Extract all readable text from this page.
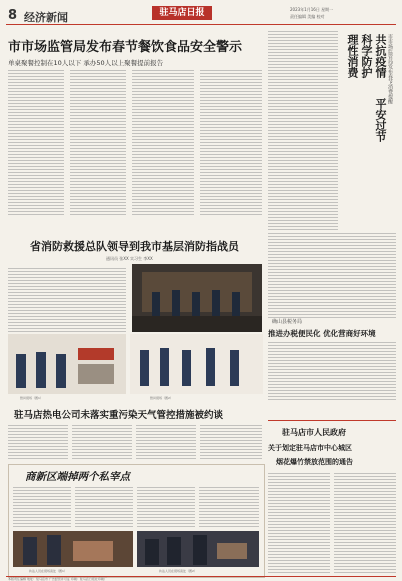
8 经济新闻	驻马店日报	2023年1月16日 星期一
责任编辑 美编 校对
市市场监管局发布春节餐饮食品安全警示
单桌聚餐控制在10人以下 承办50人以上聚餐提前报告	理性消费 科学防护 共抗疫情
平安过节
市市场监管局发布春节消费提醒
省消防救援总队领导到我市基层消防指战员
通讯员 张XX 实习生 李XX
慰问现场（图1）	慰问现场（图2）
确山县税务局
推进办税便民化 优化营商好环境
驻马店热电公司未落实重污染天气管控措施被约谈
商新区端掉两个私宰点
执法人员在现场查处（图1）	执法人员在现场查处（图2）
驻马店市人民政府
关于划定驻马店市中心城区
烟花爆竹禁放范围的通告
本版责任编辑 地址：驻马店市 广告经营许可证 印刷：驻马店日报社印刷厂
